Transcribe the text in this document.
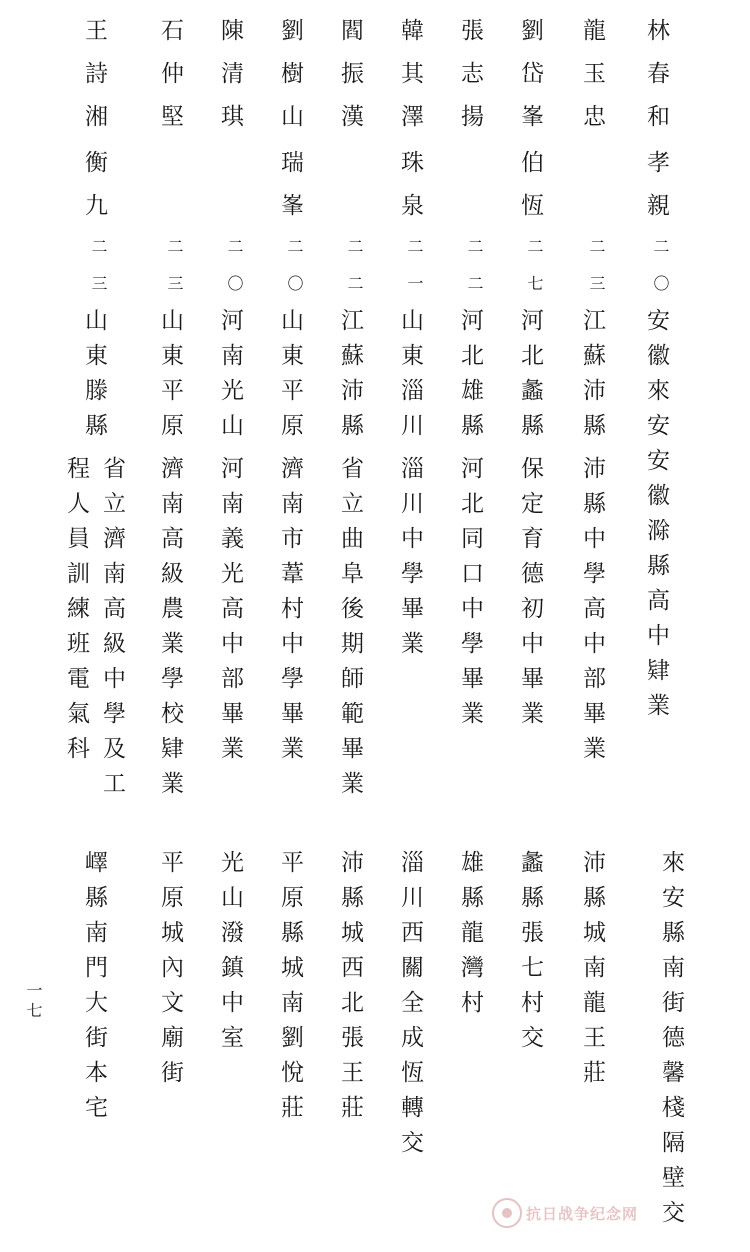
林春和
孝親
二〇
安徽來安
安徽滁縣高中肄業
來安縣南街德馨棧隔壁交
龍玉忠
二三
江蘇沛縣
沛縣中學高中部畢業
沛縣城南龍王莊
劉岱峯
伯恆
二七
河北蠡縣
保定育德初中畢業
蠡縣張七村交
張志揚
二二
河北雄縣
河北同口中學畢業
雄縣龍灣村
韓其澤
珠泉
二一
山東淄川
淄川中學畢業
淄川西關全成恆轉交
閻振漢
二二
江蘇沛縣
省立曲阜後期師範畢業
沛縣城西北張王莊
劉樹山
瑞峯
二〇
山東平原
濟南市葦村中學畢業
平原縣城南劉悅莊
陳清琪
二〇
河南光山
河南義光高中部畢業
光山潑鎮中室
石仲堅
二三
山東平原
濟南高級農業學校肄業
平原城內文廟街
王詩湘
衡九
二三
山東滕縣
省立濟南高級中學及工
程人員訓練班電氣科
嶧縣南門大街本宅
一七
抗日战争纪念网
